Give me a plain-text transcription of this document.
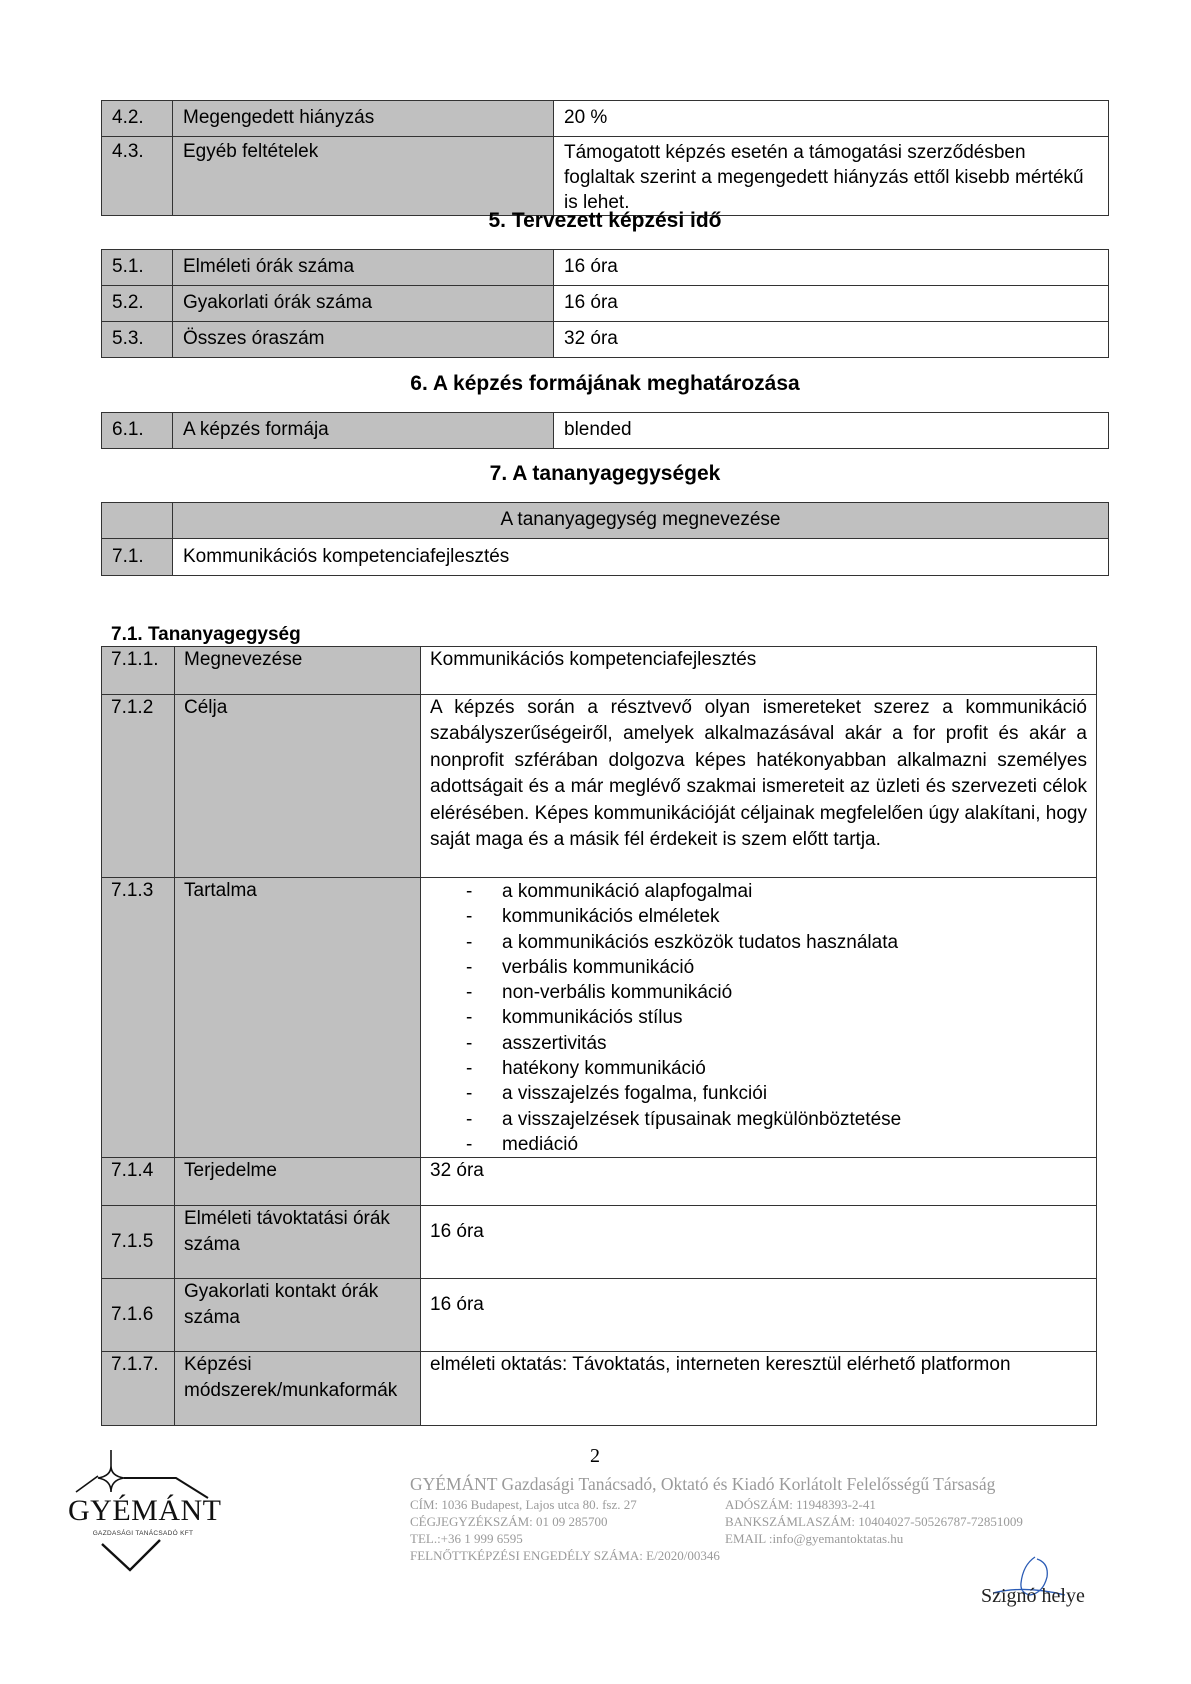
4.2.	Megengedett hiányzás	20 %
4.3.	Egyéb feltételek	Támogatott képzés esetén a támogatási szerződésben foglaltak szerint a megengedett hiányzás ettől kisebb mértékű is lehet.
5. Tervezett képzési idő
5.1.	Elméleti órák száma	16 óra
5.2.	Gyakorlati órák száma	16 óra
5.3.	Összes óraszám	32 óra
6. A képzés formájának meghatározása
6.1.	A képzés formája	blended
7. A tananyagegységek
	A tananyagegység megnevezése
7.1.	Kommunikációs kompetenciafejlesztés
7.1. Tananyagegység
7.1.1.	Megnevezése	Kommunikációs kompetenciafejlesztés
7.1.2	Célja	A képzés során a résztvevő olyan ismereteket szerez a kommunikáció szabályszerűségeiről, amelyek alkalmazásával akár a for profit és akár a nonprofit szférában dolgozva képes hatékonyabban alkalmazni személyes adottságait és a már meglévő szakmai ismereteit az üzleti és szervezeti célok elérésében. Képes kommunikációját céljainak megfelelően úgy alakítani, hogy saját maga és a másik fél érdekeit is szem előtt tartja.
7.1.3	Tartalma	
-a kommunikáció alapfogalmai
- kommunikációs elméletek
- a kommunikációs eszközök tudatos használata
- verbális kommunikáció
- non-verbális kommunikáció
- kommunikációs stílus
- asszertivitás
- hatékony kommunikáció
- a visszajelzés fogalma, funkciói
- a visszajelzések típusainak megkülönböztetése
- mediáció

7.1.4	Terjedelme	32 óra
7.1.5	Elméleti távoktatási órák száma	16 óra
7.1.6	Gyakorlati kontakt órák száma	16 óra
7.1.7.	Képzési módszerek/munkaformák	elméleti oktatás: Távoktatás, interneten keresztül elérhető platformon
2
GYÉMÁNT
GAZDASÁGI TANÁCSADÓ KFT
GYÉMÁNT Gazdasági Tanácsadó, Oktató és Kiadó Korlátolt Felelősségű Társaság
CÍM: 1036 Budapest, Lajos utca 80. fsz. 27	ADÓSZÁM: 11948393-2-41
CÉGJEGYZÉKSZÁM: 01 09 285700	BANKSZÁMLASZÁM: 10404027-50526787-72851009
TEL.:+36 1 999 6595	EMAIL :info@gyemantoktatas.hu
FELNŐTTKÉPZÉSI ENGEDÉLY SZÁMA: E/2020/00346
Szignó helye
